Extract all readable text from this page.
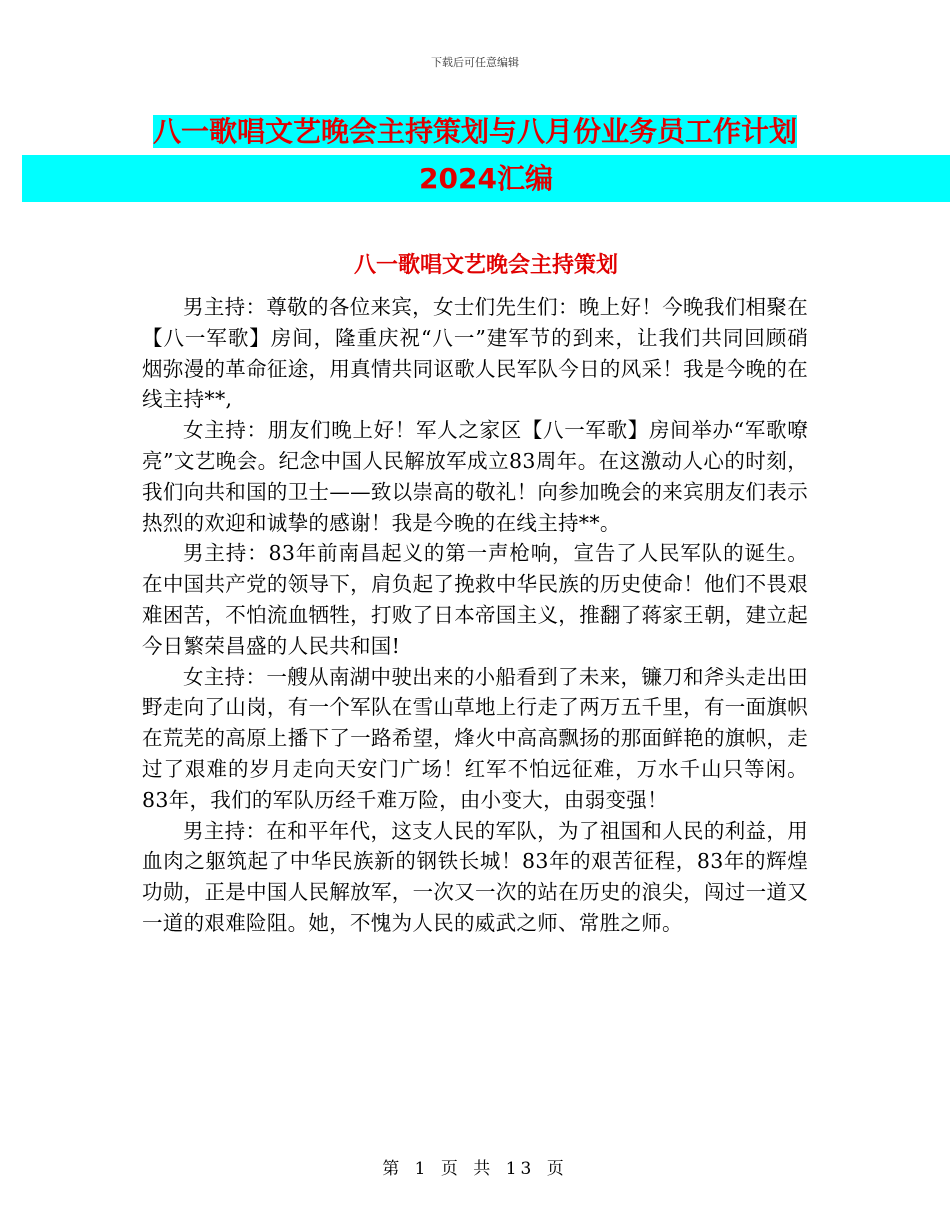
下载后可任意编辑
八一歌唱文艺晚会主持策划与八月份业务员工作计划
2024汇编
八一歌唱文艺晚会主持策划

男主持：尊敬的各位来宾，女士们先生们：晚上好！今晚我们相聚在【八一军歌】房间，隆重庆祝“八一”建军节的到来，让我们共同回顾硝烟弥漫的革命征途，用真情共同讴歌人民军队今日的风采！我是今晚的在线主持**,

女主持：朋友们晚上好！军人之家区【八一军歌】房间举办“军歌嘹亮”文艺晚会。纪念中国人民解放军成立83周年。在这激动人心的时刻，我们向共和国的卫士——致以崇高的敬礼！向参加晚会的来宾朋友们表示热烈的欢迎和诚挚的感谢！我是今晚的在线主持**。

男主持：83年前南昌起义的第一声枪响，宣告了人民军队的诞生。在中国共产党的领导下，肩负起了挽救中华民族的历史使命！他们不畏艰难困苦，不怕流血牺牲，打败了日本帝国主义，推翻了蒋家王朝，建立起今日繁荣昌盛的人民共和国!

女主持：一艘从南湖中驶出来的小船看到了未来，镰刀和斧头走出田野走向了山岗，有一个军队在雪山草地上行走了两万五千里，有一面旗帜在荒芜的高原上播下了一路希望，烽火中高高飘扬的那面鲜艳的旗帜，走过了艰难的岁月走向天安门广场！红军不怕远征难，万水千山只等闲。83年，我们的军队历经千难万险，由小变大，由弱变强！

男主持：在和平年代，这支人民的军队，为了祖国和人民的利益，用血肉之躯筑起了中华民族新的钢铁长城！83年的艰苦征程，83年的辉煌功勋，正是中国人民解放军，一次又一次的站在历史的浪尖，闯过一道又一道的艰难险阻。她，不愧为人民的威武之师、常胜之师。

第 1 页 共 13 页
